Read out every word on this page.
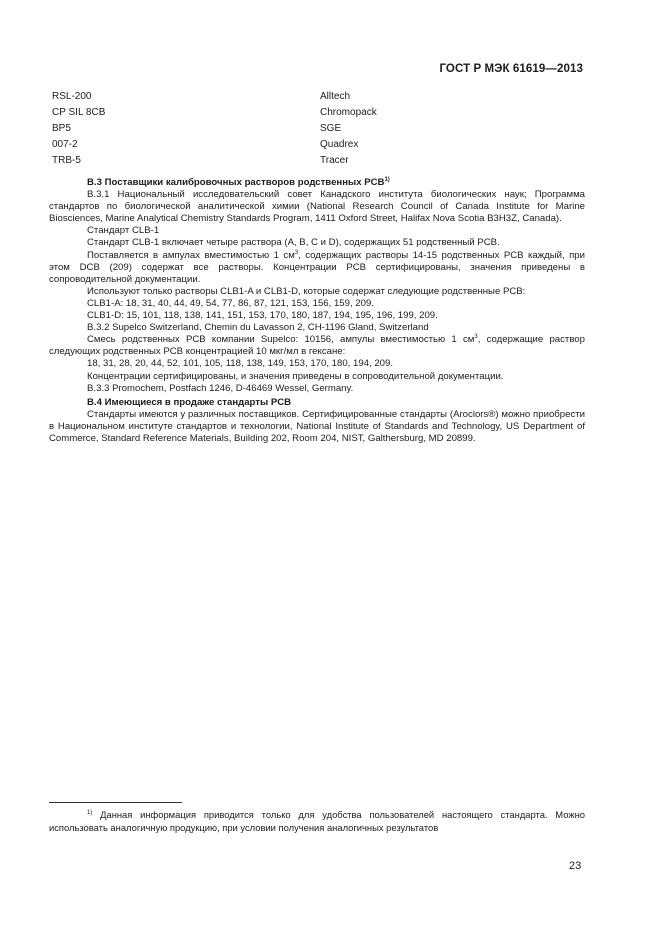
ГОСТ Р МЭК 61619—2013
RSL-200	Alltech
CP SIL 8CB	Chromopack
BP5	SGE
007-2	Quadrex
TRB-5	Tracer

В.3 Поставщики калибровочных растворов родственных PCB$^{1)}$

В.3.1 Национальный исследовательский совет Канадского института биологических наук; Программа стандартов по биологической аналитической химии (National Research Council of Canada Institute for Marine Biosciences, Marine Analytical Chemistry Standards Program, 1411 Oxford Street, Halifax Nova Scotia B3H3Z, Canada).

Стандарт CLB-1

Стандарт CLB-1 включает четыре раствора (А, В, С и D), содержащих 51 родственный PCB.

Поставляется в ампулах вместимостью 1 $см^3$, содержащих растворы 14-15 родственных PCB каждый, при этом DCB (209) содержат все растворы. Концентрации PCB сертифицированы, значения приведены в сопроводительной документации.

Используют только растворы CLB1-A и CLB1-D, которые содержат следующие родственные PCB:

CLB1-A: 18, 31, 40, 44, 49, 54, 77, 86, 87, 121, 153, 156, 159, 209.

CLB1-D: 15, 101, 118, 138, 141, 151, 153, 170, 180, 187, 194, 195, 196, 199, 209.

В.3.2 Supelco Switzerland, Chemin du Lavasson 2, CH-1196 Gland, Switzerland

Смесь родственных PCB компании Supelco: 10156, ампулы вместимостью 1 $см^3$, содержащие раствор следующих родственных PCB концентрацией 10 мкг/мл в гексане:

18, 31, 28, 20, 44, 52, 101, 105, 118, 138, 149, 153, 170, 180, 194, 209.

Концентрации сертифицированы, и значения приведены в сопроводительной документации.

В.3.3 Promochem, Postfach 1246, D-46469 Wessel, Germany.

В.4 Имеющиеся в продаже стандарты PCB

Стандарты имеются у различных поставщиков. Сертифицированные стандарты (Aroclors®) можно приобрести в Национальном институте стандартов и технологии, National Institute of Standards and Technology, US Department of Commerce, Standard Reference Materials, Building 202, Room 204, NIST, Galthersburg, MD 20899.

$^{1)}$ Данная информация приводится только для удобства пользователей настоящего стандарта. Можно использовать аналогичную продукцию, при условии получения аналогичных результатов

23
